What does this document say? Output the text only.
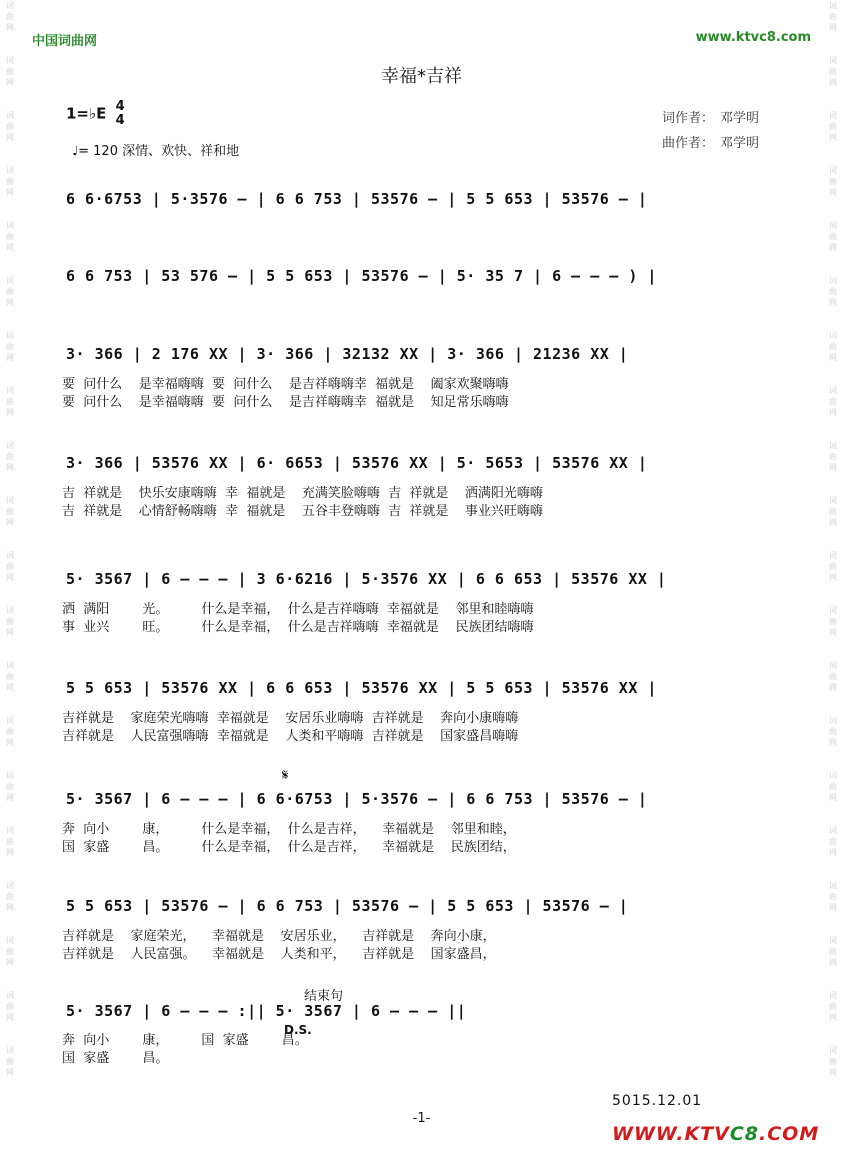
词
曲
网

词
曲
网

词
曲
网

词
曲
网

词
曲
网

词
曲
网

词
曲
网

词
曲
网

词
曲
网

词
曲
网

词
曲
网

词
曲
网

词
曲
网

词
曲
网

词
曲
网

词
曲
网

词
曲
网

词
曲
网

词
曲
网

词
曲
网
词
曲
网

词
曲
网

词
曲
网

词
曲
网

词
曲
网

词
曲
网

词
曲
网

词
曲
网

词
曲
网

词
曲
网

词
曲
网

词
曲
网

词
曲
网

词
曲
网

词
曲
网

词
曲
网

词
曲
网

词
曲
网

词
曲
网

词
曲
网
中国词曲网	www.ktvc8.com
幸福*吉祥
1=♭E 4
4
♩= 120 深情、欢快、祥和地
词作者： 邓学明
曲作者： 邓学明
6 6·6753 | 5·3576 – | 6 6 753 | 53576 – | 5 5 653 | 53576 – |
6 6 753 | 53 576 – | 5 5 653 | 53576 – | 5· 35 7 | 6 – – – ) |
3· 366 | 2 176 XX | 3· 366 | 32132 XX | 3· 366 | 21236 XX |
要  问什么    是幸福嗨嗨  要  问什么    是吉祥嗨嗨幸  福就是    阖家欢聚嗨嗨
要  问什么    是幸福嗨嗨  要  问什么    是吉祥嗨嗨幸  福就是    知足常乐嗨嗨
3· 366 | 53576 XX | 6· 6653 | 53576 XX | 5· 5653 | 53576 XX |
吉  祥就是    快乐安康嗨嗨  幸  福就是    充满笑脸嗨嗨  吉  祥就是    洒满阳光嗨嗨
吉  祥就是    心情舒畅嗨嗨  幸  福就是    五谷丰登嗨嗨  吉  祥就是    事业兴旺嗨嗨
5· 3567 | 6 – – – | 3 6·6216 | 5·3576 XX | 6 6 653 | 53576 XX |
洒  满阳        光。        什么是幸福，  什么是吉祥嗨嗨  幸福就是    邻里和睦嗨嗨
事  业兴        旺。        什么是幸福，  什么是吉祥嗨嗨  幸福就是    民族团结嗨嗨
5 5 653 | 53576 XX | 6 6 653 | 53576 XX | 5 5 653 | 53576 XX |
吉祥就是    家庭荣光嗨嗨  幸福就是    安居乐业嗨嗨  吉祥就是    奔向小康嗨嗨
吉祥就是    人民富强嗨嗨  幸福就是    人类和平嗨嗨  吉祥就是    国家盛昌嗨嗨
𝄋
5· 3567 | 6 – – – | 6 6·6753 | 5·3576 – | 6 6 753 | 53576 – |
奔  向小        康，        什么是幸福，  什么是吉祥，    幸福就是    邻里和睦，
国  家盛        昌。        什么是幸福，  什么是吉祥，    幸福就是    民族团结，
5 5 653 | 53576 – | 6 6 753 | 53576 – | 5 5 653 | 53576 – |
吉祥就是    家庭荣光，    幸福就是    安居乐业，    吉祥就是    奔向小康，
吉祥就是    人民富强。    幸福就是    人类和平，    吉祥就是    国家盛昌，
结束句
5· 3567 | 6 – – – :|| 5· 3567 | 6 – – – ||
D.S.
奔  向小        康，        国  家盛        昌。
国  家盛        昌。
5015.12.01
-1-
WWW.KTVC8.COM
